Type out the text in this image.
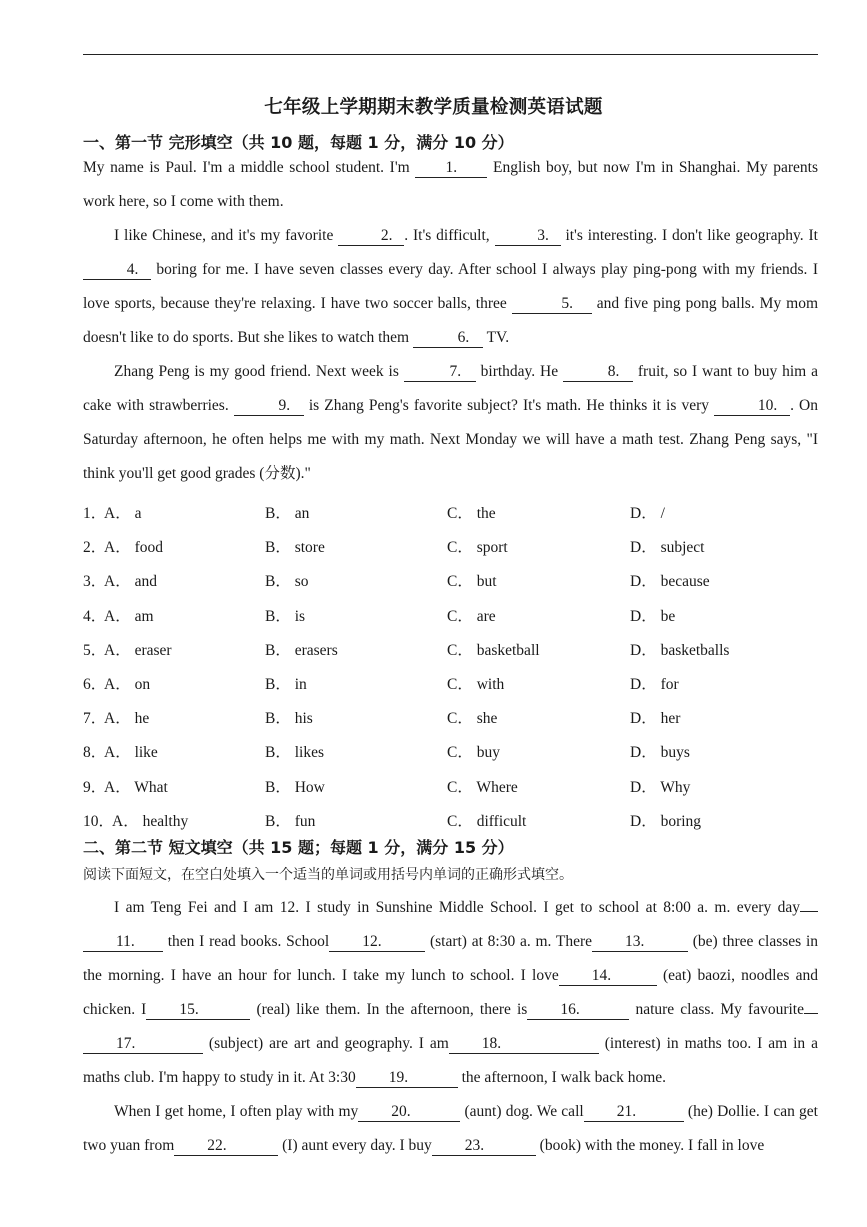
七年级上学期期末教学质量检测英语试题
一、第一节 完形填空（共 10 题，每题 1 分，满分 10 分）

My name is Paul. I'm a middle school student. I'm 1. English boy, but now I'm in Shanghai. My parents work here, so I come with them.

I like Chinese, and it's my favorite	2. . It's difficult,	3. it's interesting. I don't like geography. It 4. boring for me. I have seven classes every day. After school I always play ping-pong with my friends. I love sports, because they're relaxing. I have two soccer balls, three	5. and five ping pong balls. My mom doesn't like to do sports. But she likes to watch them	6. TV.

Zhang Peng is my good friend. Next week is	7. birthday. He	8. fruit, so I want to buy him a cake with strawberries.	9. is Zhang Peng's favorite subject? It's math. He thinks it is very	10. . On Saturday afternoon, he often helps me with my math. Next Monday we will have a math test. Zhang Peng says, "I think you'll get good grades (分数)."

1．
A． a	B． an	C． the	D． /
2．
A． food	B． store	C． sport	D． subject
3．
A． and	B． so	C． but	D． because
4．
A． am	B． is	C． are	D． be
5．
A． eraser	B． erasers	C． basketball	D． basketballs
6．
A． on	B． in	C． with	D． for
7．
A． he	B． his	C． she	D． her
8．
A． like	B． likes	C． buy	D． buys
9．
A． What	B． How	C． Where	D． Why
10．
A． healthy	B． fun	C． difficult	D． boring
二、第二节 短文填空（共 15 题；每题 1 分，满分 15 分）
阅读下面短文，在空白处填入一个适当的单词或用括号内单词的正确形式填空。

I am Teng Fei and I am 12. I study in Sunshine Middle School. I get to school at 8:00 a. m. every day 11. then I read books. School 12.	(start) at 8:30 a. m. There 13.	(be) three classes in the morning. I have an hour for lunch. I take my lunch to school. I love 14.	(eat) baozi, noodles and chicken. I 15.	(real) like them. In the afternoon, there is 16.	nature class. My favourite 17.	(subject) are art and geography. I am 18.	(interest) in maths too. I am in a maths club. I'm happy to study in it. At 3:30 19.	the afternoon, I walk back home.

When I get home, I often play with my 20.	(aunt) dog. We call 21.	(he) Dollie. I can get two yuan from 22.	(I) aunt every day. I buy 23.	(book) with the money. I fall in love
